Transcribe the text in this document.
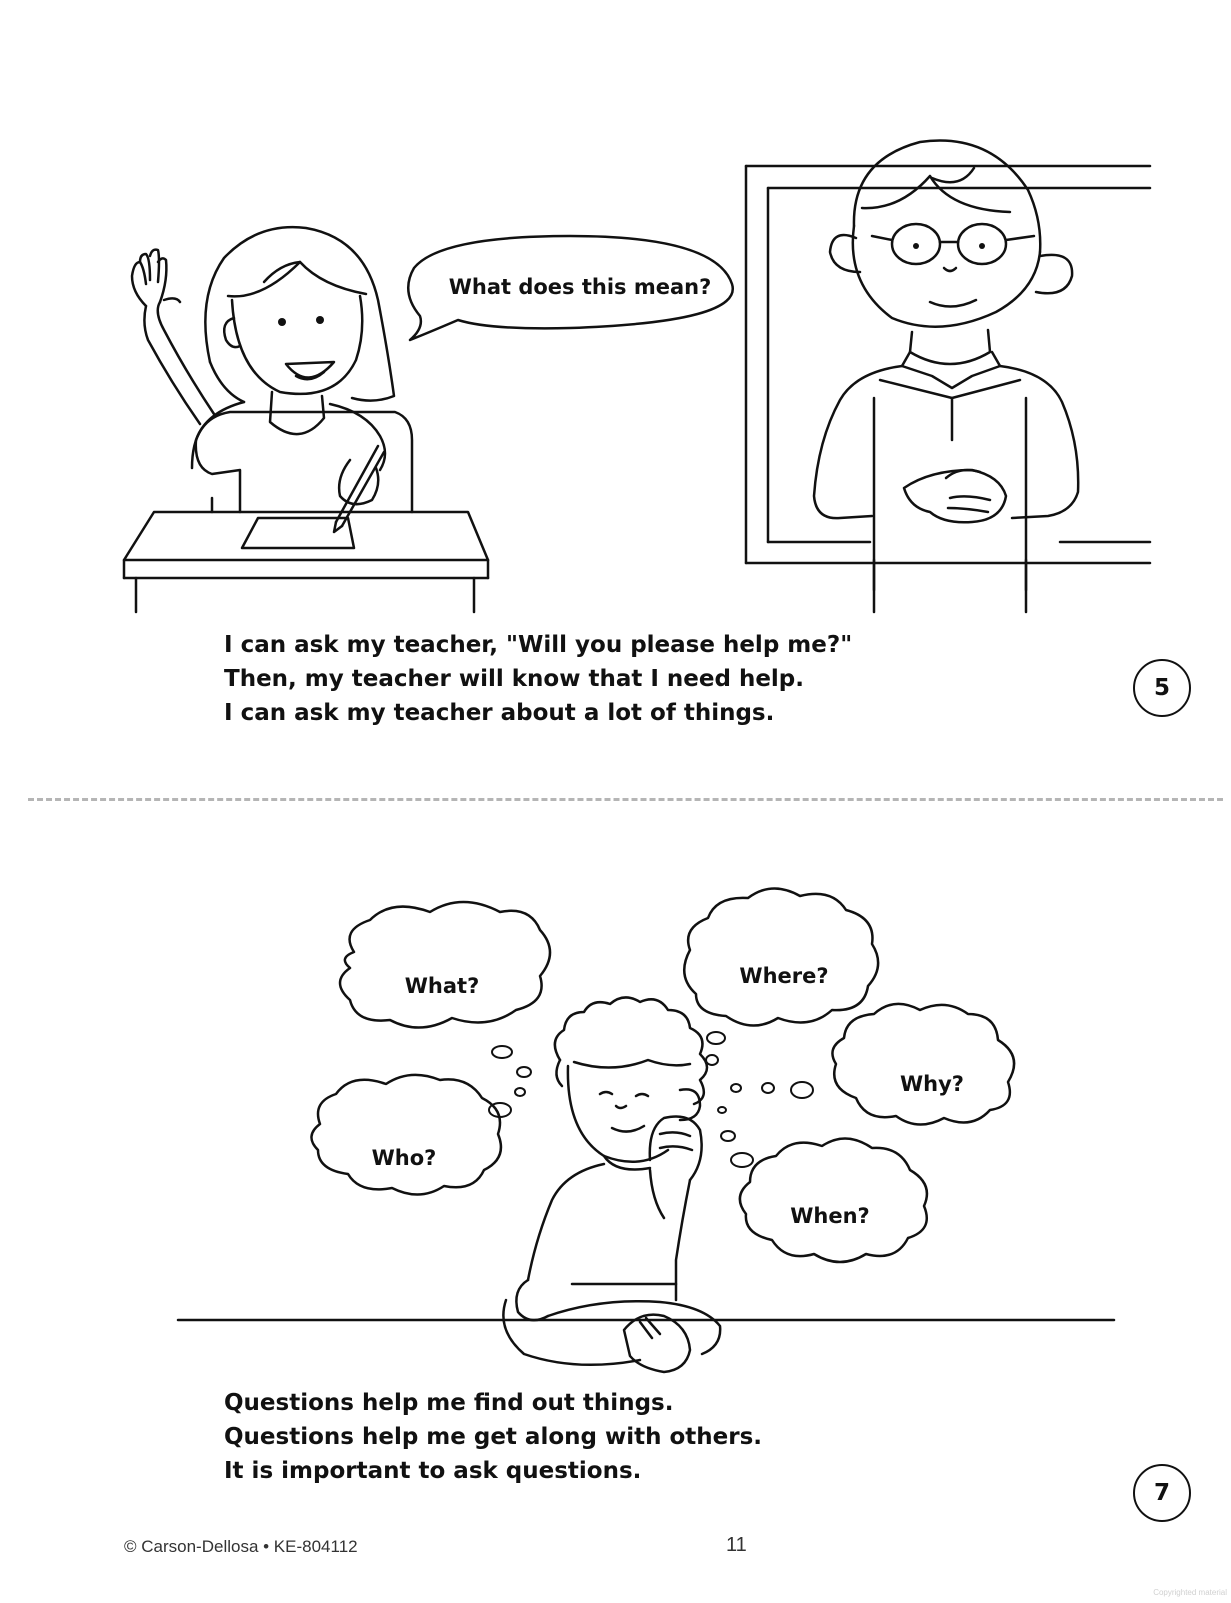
What does this mean?
I can ask my teacher, "Will you please help me?"
Then, my teacher will know that I need help.
I can ask my teacher about a lot of things.
5
What?	Where?
Why?
Who?
When?
Questions help me find out things.
Questions help me get along with others.
It is important to ask questions.
7
© Carson-Dellosa • KE-804112	11
Copyrighted material
